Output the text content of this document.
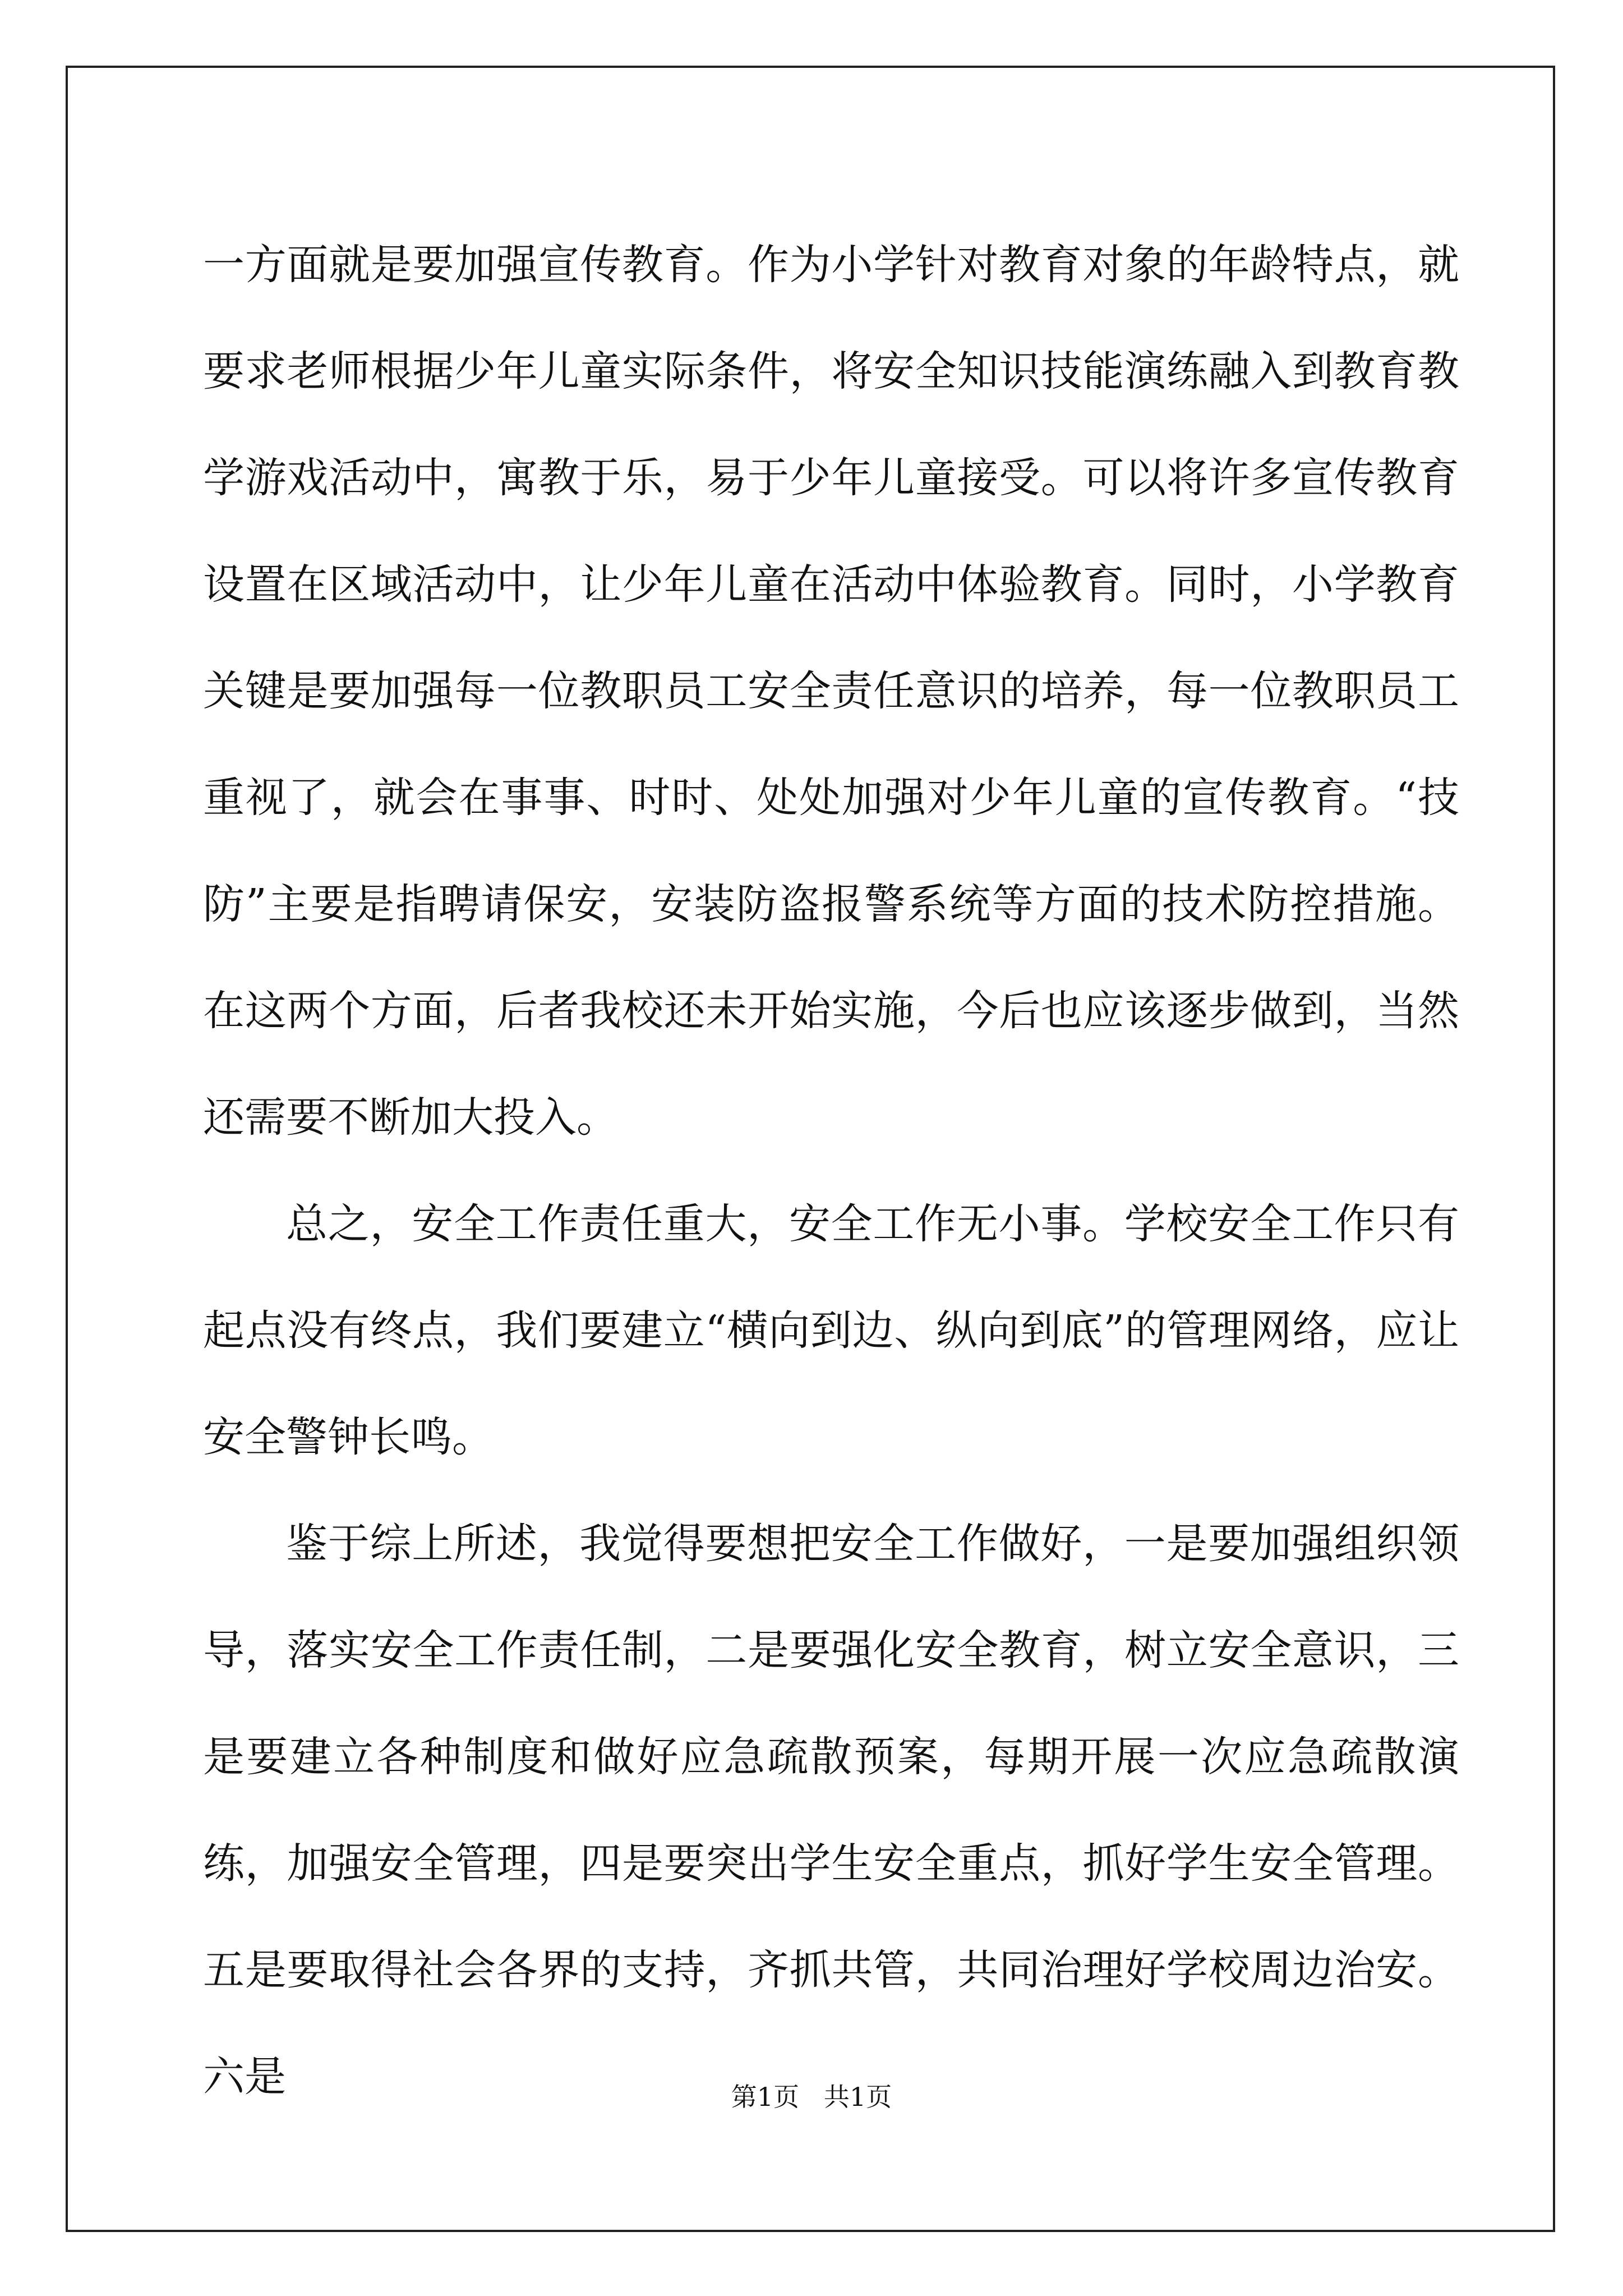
一方面就是要加强宣传教育。作为小学针对教育对象的年龄特点，就要求老师根据少年儿童实际条件，将安全知识技能演练融入到教育教学游戏活动中，寓教于乐，易于少年儿童接受。可以将许多宣传教育设置在区域活动中，让少年儿童在活动中体验教育。同时，小学教育关键是要加强每一位教职员工安全责任意识的培养，每一位教职员工重视了，就会在事事、时时、处处加强对少年儿童的宣传教育。“技防”主要是指聘请保安，安装防盗报警系统等方面的技术防控措施。在这两个方面，后者我校还未开始实施，今后也应该逐步做到，当然还需要不断加大投入。

总之，安全工作责任重大，安全工作无小事。学校安全工作只有起点没有终点，我们要建立“横向到边、纵向到底”的管理网络，应让安全警钟长鸣。

鉴于综上所述，我觉得要想把安全工作做好，一是要加强组织领导，落实安全工作责任制，二是要强化安全教育，树立安全意识，三是要建立各种制度和做好应急疏散预案，每期开展一次应急疏散演练，加强安全管理，四是要突出学生安全重点，抓好学生安全管理。五是要取得社会各界的支持，齐抓共管，共同治理好学校周边治安。六是	第1页   共1页
